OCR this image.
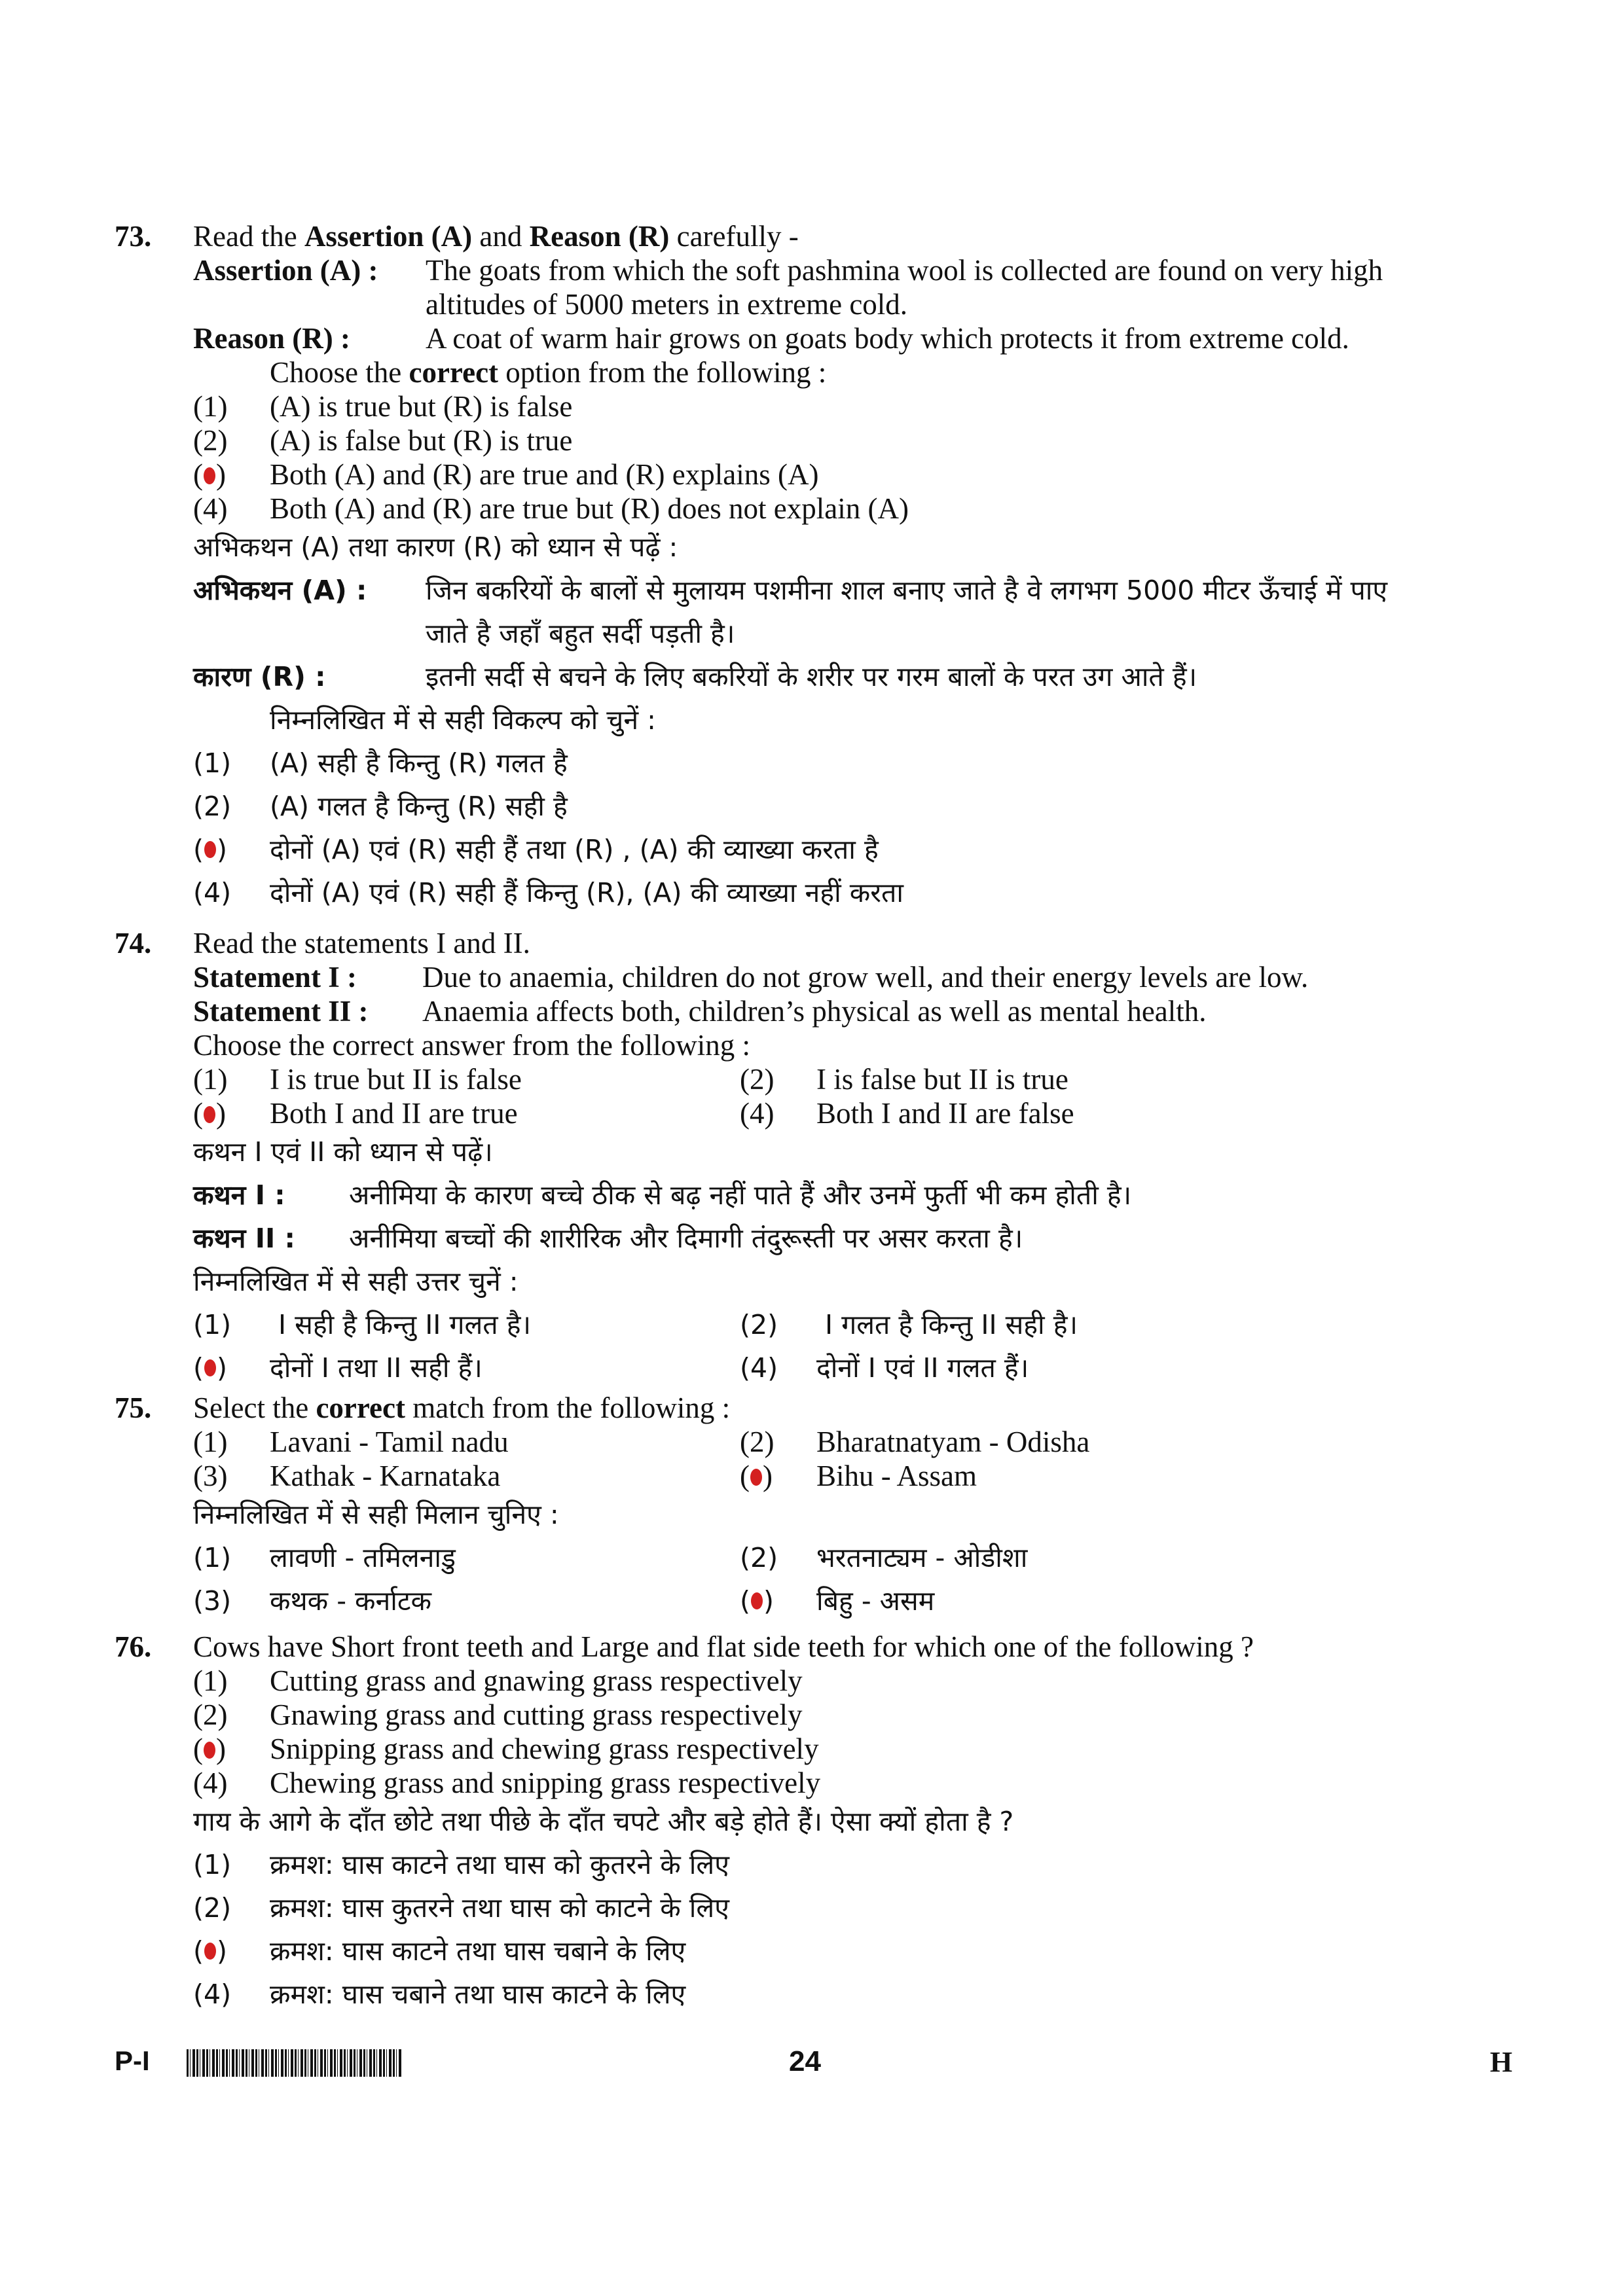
73. Read the Assertion (A) and Reason (R) carefully -
Assertion (A) : The goats from which the soft pashmina wool is collected are found on very high
altitudes of 5000 meters in extreme cold.
Reason (R) :	A coat of warm hair grows on goats body which protects it from extreme cold.
Choose the correct option from the following :
(1) (A) is true but (R) is false
(2) (A) is false but (R) is true
( ) Both (A) and (R) are true and (R) explains (A)
(4) Both (A) and (R) are true but (R) does not explain (A)
अभिकथन (A) तथा कारण (R) को ध्यान से पढ़ें :
अभिकथन (A) : जिन बकरियों के बालों से मुलायम पशमीना शाल बनाए जाते है वे लगभग 5000 मीटर ऊँचाई में पाए
जाते है जहाँ बहुत सर्दी पड़ती है।
कारण (R) :	इतनी सर्दी से बचने के लिए बकरियों के शरीर पर गरम बालों के परत उग आते हैं।
निम्नलिखित में से सही विकल्प को चुनें :
(1) (A) सही है किन्तु (R) गलत है
(2) (A) गलत है किन्तु (R) सही है
( ) दोनों (A) एवं (R) सही हैं तथा (R) , (A) की व्याख्या करता है
(4) दोनों (A) एवं (R) सही हैं किन्तु (R), (A) की व्याख्या नहीं करता
74. Read the statements I and II.
Statement I : Due to anaemia, children do not grow well, and their energy levels are low.
Statement II : Anaemia affects both, children’s physical as well as mental health.
Choose the correct answer from the following :
(1) I is true but II is false	(2) I is false but II is true
( ) Both I and II are true	(4) Both I and II are false
कथन I एवं II को ध्यान से पढ़ें।
कथन I : अनीमिया के कारण बच्चे ठीक से बढ़ नहीं पाते हैं और उनमें फुर्ती भी कम होती है।
कथन II : अनीमिया बच्चों की शारीरिक और दिमागी तंदुरूस्ती पर असर करता है।
निम्नलिखित में से सही उत्तर चुनें :
(1) I सही है किन्तु II गलत है।	(2) I गलत है किन्तु II सही है।
( ) दोनों I तथा II सही हैं।	(4) दोनों I एवं II गलत हैं।
75. Select the correct match from the following :
(1) Lavani - Tamil nadu	(2) Bharatnatyam - Odisha
(3) Kathak - Karnataka	( ) Bihu - Assam
निम्नलिखित में से सही मिलान चुनिए :
(1) लावणी - तमिलनाडु	(2) भरतनाट्यम - ओडीशा
(3) कथक - कर्नाटक	( ) बिहु - असम
76. Cows have Short front teeth and Large and flat side teeth for which one of the following ?
(1) Cutting grass and gnawing grass respectively
(2) Gnawing grass and cutting grass respectively
( ) Snipping grass and chewing grass respectively
(4) Chewing grass and snipping grass respectively
गाय के आगे के दाँत छोटे तथा पीछे के दाँत चपटे और बड़े होते हैं। ऐसा क्यों होता है ?
(1) क्रमश: घास काटने तथा घास को कुतरने के लिए
(2) क्रमश: घास कुतरने तथा घास को काटने के लिए
( ) क्रमश: घास काटने तथा घास चबाने के लिए
(4) क्रमश: घास चबाने तथा घास काटने के लिए
P-I	24	H
